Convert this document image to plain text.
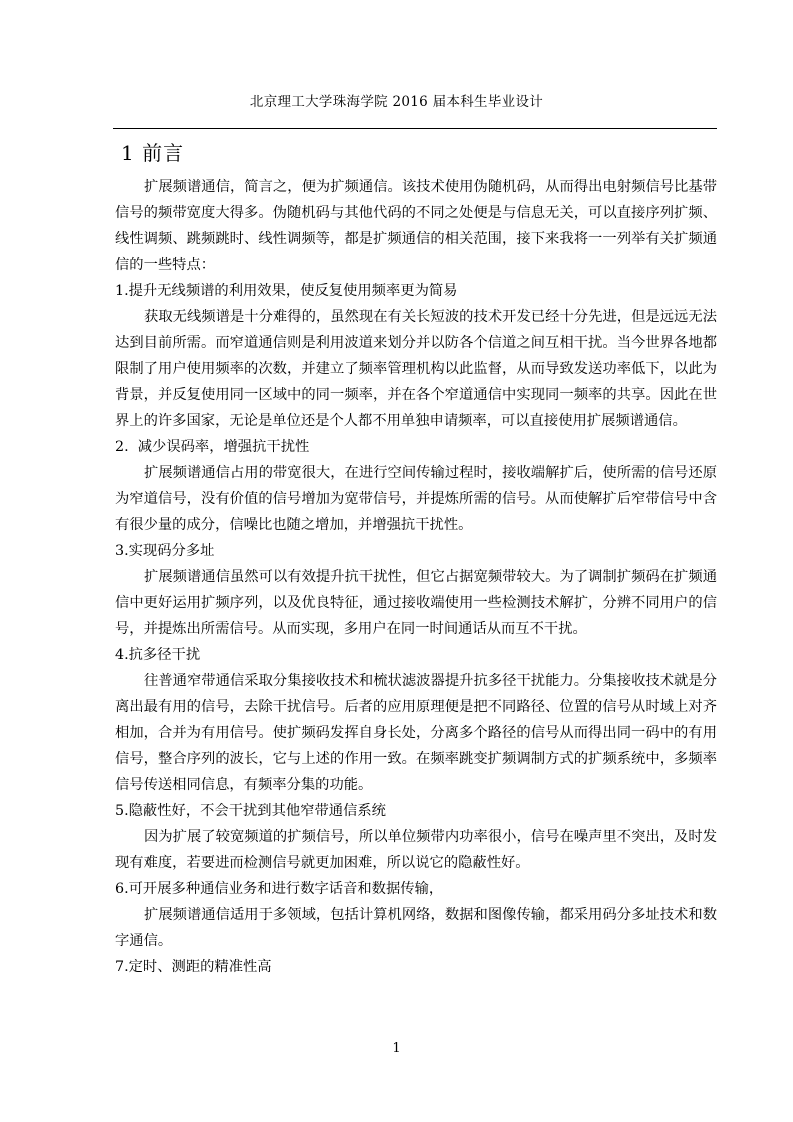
北京理工大学珠海学院 2016 届本科生毕业设计
1 前言

扩展频谱通信，简言之，便为扩频通信。该技术使用伪随机码，从而得出电射频信号比基带信号的频带宽度大得多。伪随机码与其他代码的不同之处便是与信息无关，可以直接序列扩频、线性调频、跳频跳时、线性调频等，都是扩频通信的相关范围，接下来我将一一列举有关扩频通信的一些特点：

1.提升无线频谱的利用效果，使反复使用频率更为简易

获取无线频谱是十分难得的，虽然现在有关长短波的技术开发已经十分先进，但是远远无法达到目前所需。而窄道通信则是利用波道来划分并以防各个信道之间互相干扰。当今世界各地都限制了用户使用频率的次数，并建立了频率管理机构以此监督，从而导致发送功率低下，以此为背景，并反复使用同一区域中的同一频率，并在各个窄道通信中实现同一频率的共享。因此在世界上的许多国家，无论是单位还是个人都不用单独申请频率，可以直接使用扩展频谱通信。

2.  减少误码率，增强抗干扰性

扩展频谱通信占用的带宽很大，在进行空间传输过程时，接收端解扩后，使所需的信号还原为窄道信号，没有价值的信号增加为宽带信号，并提炼所需的信号。从而使解扩后窄带信号中含有很少量的成分，信噪比也随之增加，并增强抗干扰性。

3.实现码分多址

扩展频谱通信虽然可以有效提升抗干扰性，但它占据宽频带较大。为了调制扩频码在扩频通信中更好运用扩频序列，以及优良特征，通过接收端使用一些检测技术解扩，分辨不同用户的信号，并提炼出所需信号。从而实现，多用户在同一时间通话从而互不干扰。

4.抗多径干扰

往普通窄带通信采取分集接收技术和梳状滤波器提升抗多径干扰能力。分集接收技术就是分离出最有用的信号，去除干扰信号。后者的应用原理便是把不同路径、位置的信号从时域上对齐相加，合并为有用信号。使扩频码发挥自身长处，分离多个路径的信号从而得出同一码中的有用信号，整合序列的波长，它与上述的作用一致。在频率跳变扩频调制方式的扩频系统中，多频率信号传送相同信息，有频率分集的功能。

5.隐蔽性好，不会干扰到其他窄带通信系统

因为扩展了较宽频道的扩频信号，所以单位频带内功率很小，信号在噪声里不突出，及时发现有难度，若要进而检测信号就更加困难，所以说它的隐蔽性好。

6.可开展多种通信业务和进行数字话音和数据传输，

扩展频谱通信适用于多领域，包括计算机网络，数据和图像传输，都采用码分多址技术和数字通信。

7.定时、测距的精准性高
1
